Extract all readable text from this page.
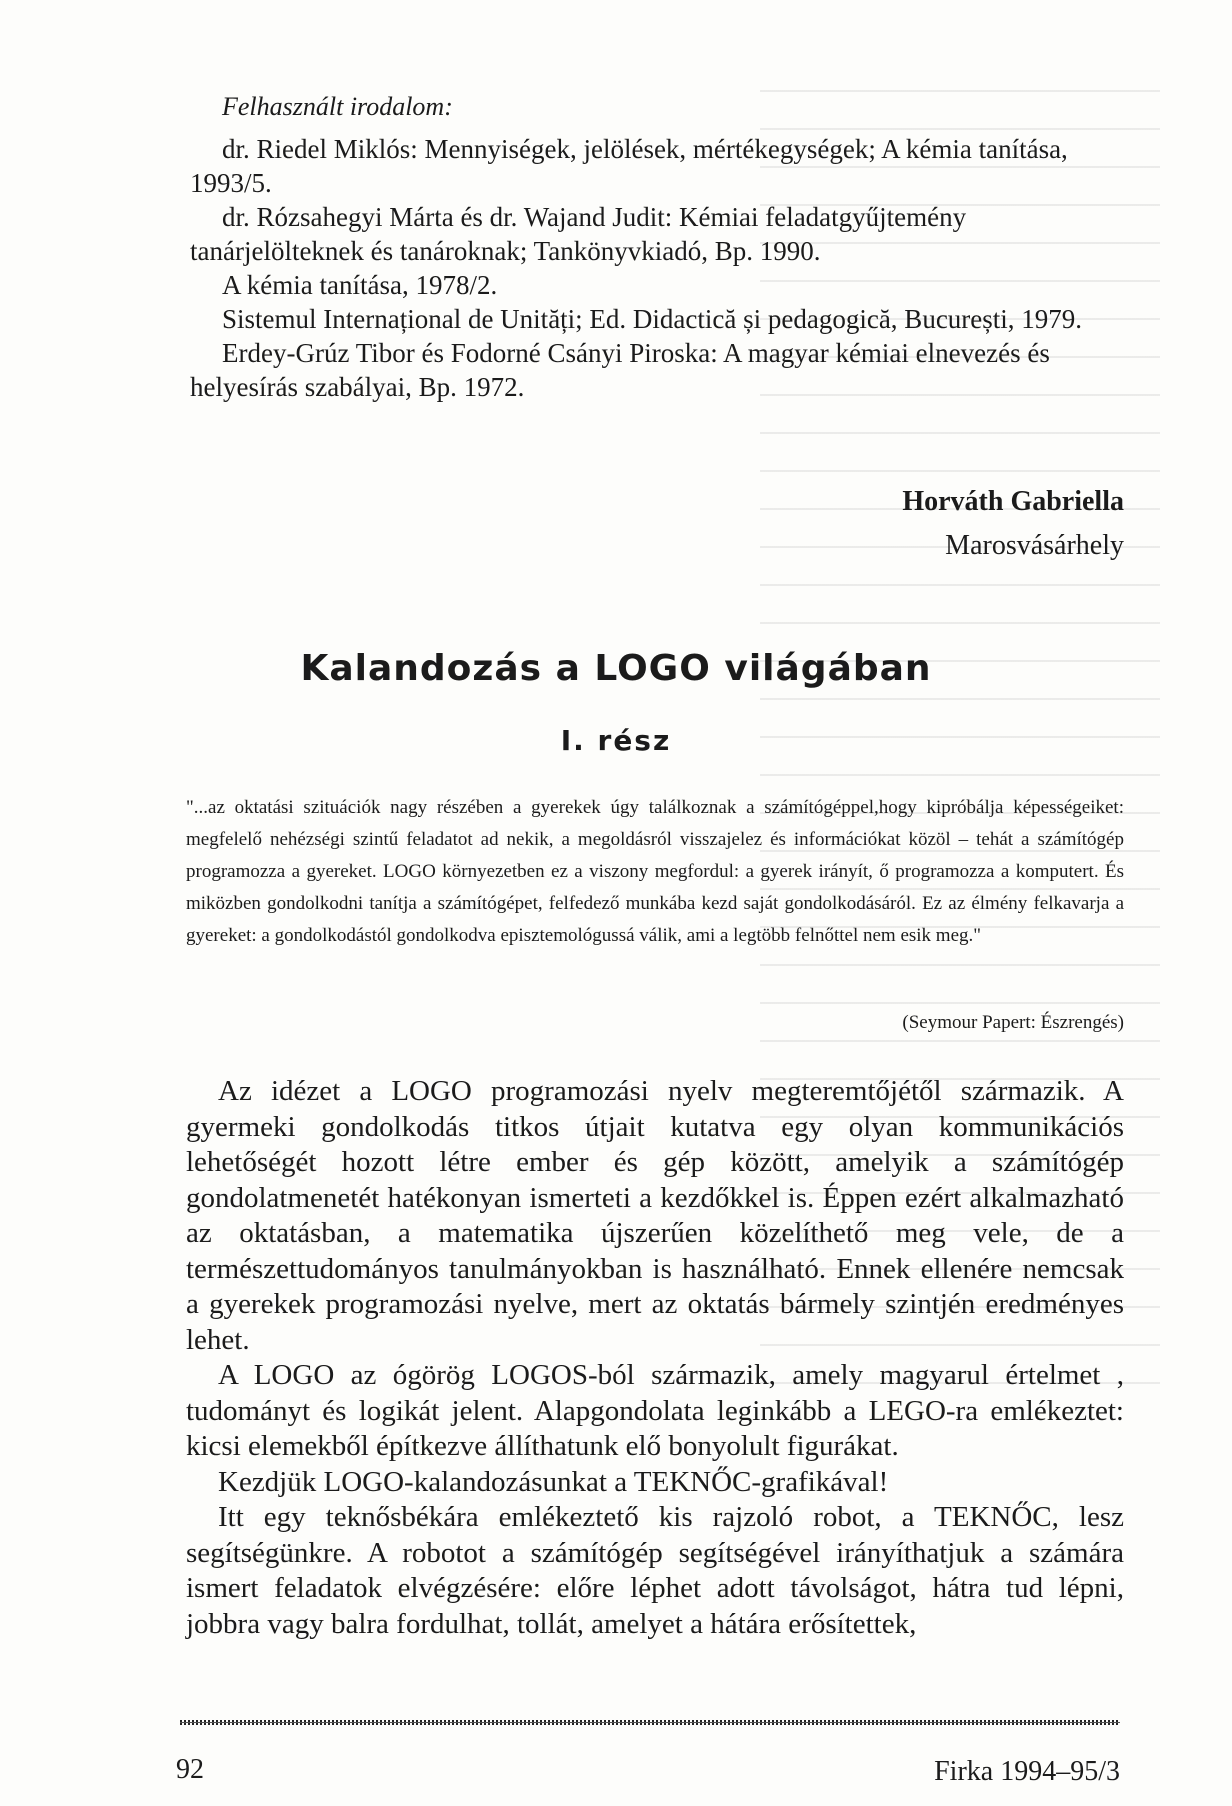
Felhasznált irodalom:

dr. Riedel Miklós: Mennyiségek, jelölések, mértékegységek; A kémia tanítása, 1993/5.

dr. Rózsahegyi Márta és dr. Wajand Judit: Kémiai feladatgyűjtemény tanárjelölteknek és tanároknak; Tankönyvkiadó, Bp. 1990.

A kémia tanítása, 1978/2.

Sistemul Internațional de Unități; Ed. Didactică și pedagogică, București, 1979.

Erdey-Grúz Tibor és Fodorné Csányi Piroska: A magyar kémiai elnevezés és helyesírás szabályai, Bp. 1972.

Horváth Gabriella
Marosvásárhely
Kalandozás a LOGO világában
I. rész
"...az oktatási szituációk nagy részében a gyerekek úgy találkoznak a számítógéppel,hogy kipróbálja képességeiket: megfelelő nehézségi szintű feladatot ad nekik, a megoldásról visszajelez és információkat közöl – tehát a számítógép programozza a gyereket. LOGO környezetben ez a viszony megfordul: a gyerek irányít, ő programozza a komputert. És miközben gondolkodni tanítja a számítógépet, felfedező munkába kezd saját gondolkodásáról. Ez az élmény felkavarja a gyereket: a gondolkodástól gondolkodva episztemológussá válik, ami a legtöbb felnőttel nem esik meg."
(Seymour Papert: Észrengés)

Az idézet a LOGO programozási nyelv megteremtőjétől származik. A gyermeki gondolkodás titkos útjait kutatva egy olyan kommunikációs lehetőségét hozott létre ember és gép között, amelyik a számítógép gondolatmenetét hatékonyan ismerteti a kezdőkkel is. Éppen ezért alkalmazható az oktatásban, a matematika újszerűen közelíthető meg vele, de a természettudományos tanulmányokban is használható. Ennek ellenére nemcsak a gyerekek programozási nyelve, mert az oktatás bármely szintjén eredményes lehet.

A LOGO az ógörög LOGOS-ból származik, amely magyarul értelmet , tudományt és logikát jelent. Alapgondolata leginkább a LEGO-ra emlékeztet: kicsi elemekből építkezve állíthatunk elő bonyolult figurákat.

Kezdjük LOGO-kalandozásunkat a TEKNŐC-grafikával!

Itt egy teknősbékára emlékeztető kis rajzoló robot, a TEKNŐC, lesz segítségünkre. A robotot a számítógép segítségével irányíthatjuk a számára ismert feladatok elvégzésére: előre léphet adott távolságot, hátra tud lépni, jobbra vagy balra fordulhat, tollát, amelyet a hátára erősítettek,

92	Firka 1994–95/3
